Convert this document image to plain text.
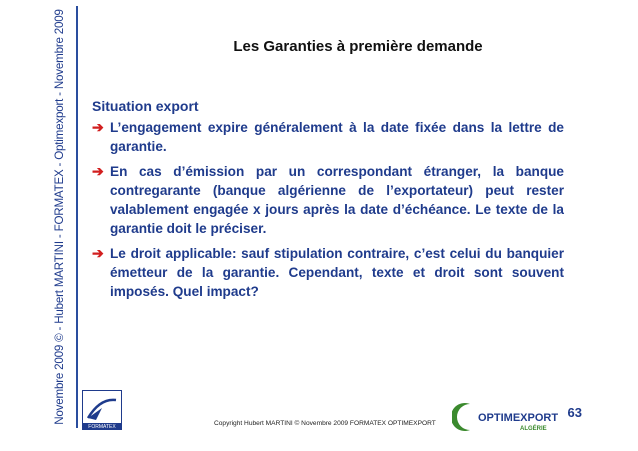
Novembre 2009 © - Hubert MARTINI - FORMATEX - Optimexport - Novembre 2009	Les Garanties à première demande
Situation export
➔ L’engagement expire généralement à la date fixée dans la lettre de garantie.
➔ En cas d’émission par un correspondant étranger, la banque contregarante (banque algérienne de l’exportateur) peut rester valablement engagée x jours après la date d’échéance. Le texte de la garantie doit le préciser.
➔ Le droit applicable: sauf stipulation contraire, c’est celui du banquier émetteur de la garantie. Cependant, texte et droit sont souvent imposés. Quel impact?
FORMATEX	Copyright Hubert MARTINI © Novembre 2009 FORMATEX OPTIMEXPORT	OPTIMEXPORT
ALGÉRIE
63
